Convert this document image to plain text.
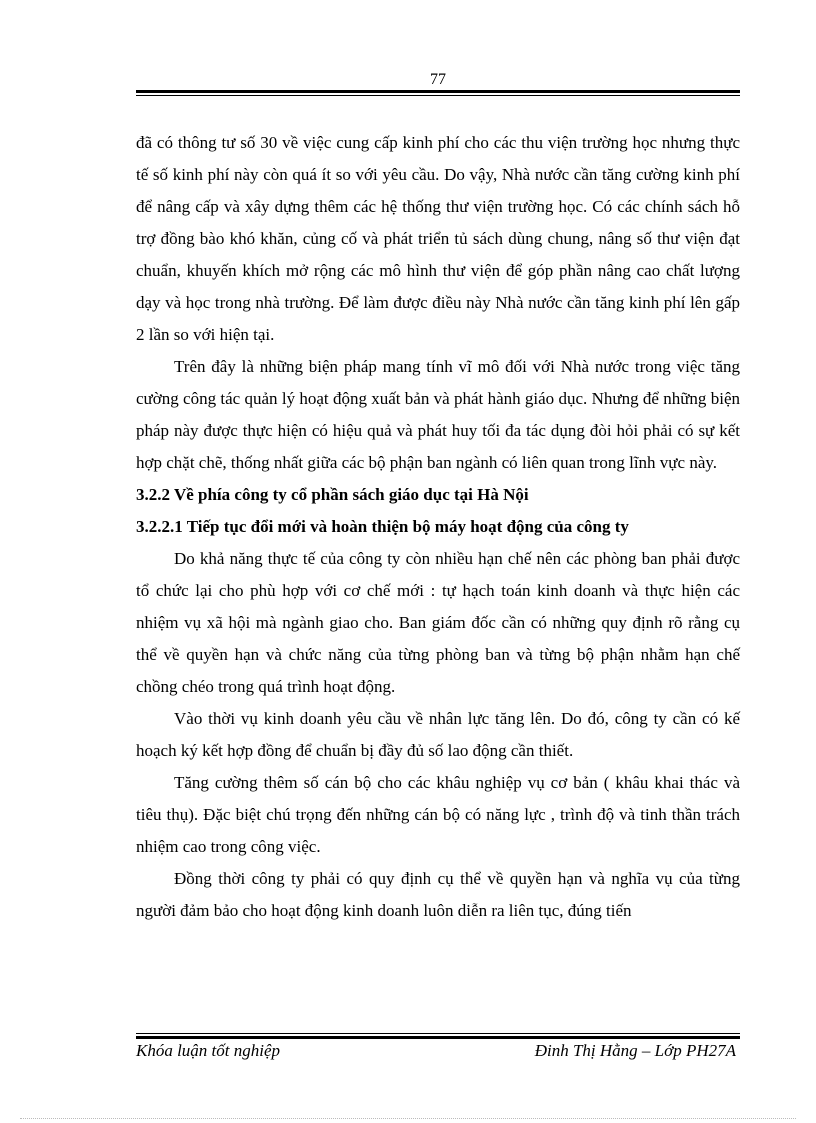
77

đã có thông tư số 30 về việc cung cấp kinh phí cho các thu viện trường học nhưng thực tế số kinh phí này còn quá ít so với yêu cầu. Do vậy, Nhà nước cần tăng cường kinh phí để nâng cấp và xây dựng thêm các hệ thống thư viện trường học. Có các chính sách hỗ trợ đồng bào khó khăn, củng cố và phát triển tủ sách dùng chung, nâng số thư viện đạt chuẩn, khuyến khích mở rộng các mô hình thư viện để góp phần nâng cao chất lượng dạy và học trong nhà trường. Để làm được điều này Nhà nước cần tăng kinh phí lên gấp 2 lần so với hiện tại.

Trên đây là những biện pháp mang tính vĩ mô đối với Nhà nước trong việc tăng cường công tác quản lý hoạt động xuất bản và phát hành giáo dục. Nhưng để những biện pháp này được thực hiện có hiệu quả và phát huy tối đa tác dụng đòi hỏi phải có sự kết hợp chặt chẽ, thống nhất giữa các bộ phận ban ngành có liên quan trong lĩnh vực này.

3.2.2 Về phía công ty cổ phần sách giáo dục tại Hà Nội

3.2.2.1 Tiếp tục đổi mới và hoàn thiện bộ máy hoạt động của công ty

Do khả năng thực tế của công ty còn nhiều hạn chế nên các phòng ban phải được tổ chức lại cho phù hợp với cơ chế mới : tự hạch toán kinh doanh và thực hiện các nhiệm vụ xã hội mà ngành giao cho. Ban giám đốc cần có những quy định rõ rằng cụ thể về quyền hạn và chức năng của từng phòng ban và từng bộ phận nhằm hạn chế chồng chéo trong quá trình hoạt động.

Vào thời vụ kinh doanh yêu cầu về nhân lực tăng lên. Do đó, công ty cần có kế hoạch ký kết hợp đồng để chuẩn bị đầy đủ số lao động cần thiết.

Tăng cường thêm số cán bộ cho các khâu nghiệp vụ cơ bản ( khâu khai thác và tiêu thụ). Đặc biệt chú trọng đến những cán bộ có năng lực , trình độ và tinh thần trách nhiệm cao trong công việc.

Đồng thời công ty phải có quy định cụ thể về quyền hạn và nghĩa vụ của từng người đảm bảo cho hoạt động kinh doanh luôn diễn ra liên tục, đúng tiến

Khóa luận tốt nghiệp	Đinh Thị Hằng – Lớp PH27A
